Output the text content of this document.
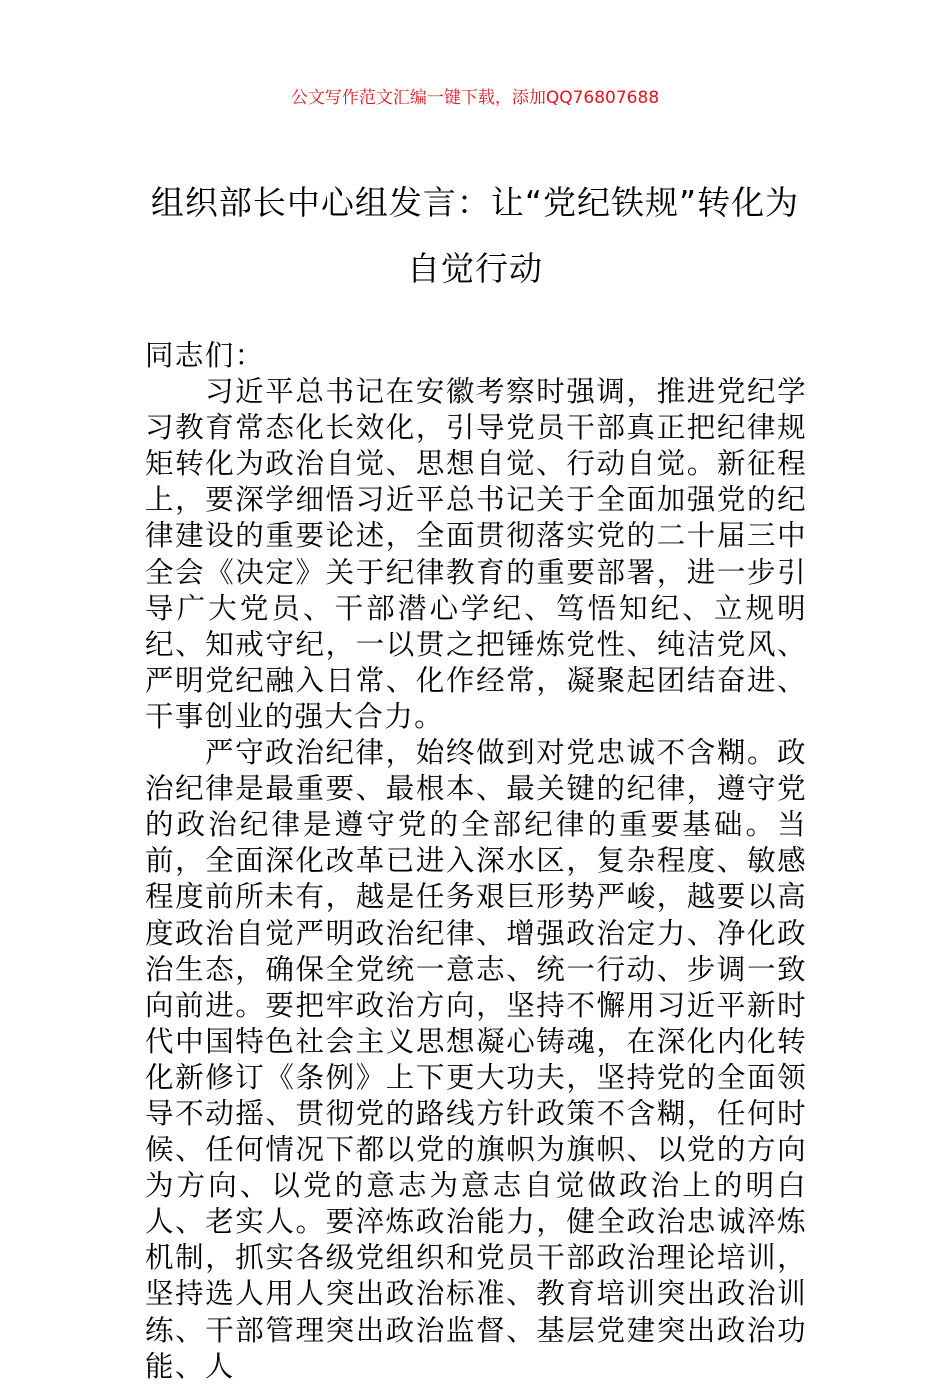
公文写作范文汇编一键下载，添加QQ76807688
组织部长中心组发言：让“党纪铁规”转化为自觉行动

同志们：

习近平总书记在安徽考察时强调，推进党纪学习教育常态化长效化，引导党员干部真正把纪律规矩转化为政治自觉、思想自觉、行动自觉。新征程上，要深学细悟习近平总书记关于全面加强党的纪律建设的重要论述，全面贯彻落实党的二十届三中全会《决定》关于纪律教育的重要部署，进一步引导广大党员、干部潜心学纪、笃悟知纪、立规明纪、知戒守纪，一以贯之把锤炼党性、纯洁党风、严明党纪融入日常、化作经常，凝聚起团结奋进、干事创业的强大合力。

严守政治纪律，始终做到对党忠诚不含糊。政治纪律是最重要、最根本、最关键的纪律，遵守党的政治纪律是遵守党的全部纪律的重要基础。当前，全面深化改革已进入深水区，复杂程度、敏感程度前所未有，越是任务艰巨形势严峻，越要以高度政治自觉严明政治纪律、增强政治定力、净化政治生态，确保全党统一意志、统一行动、步调一致向前进。要把牢政治方向，坚持不懈用习近平新时代中国特色社会主义思想凝心铸魂，在深化内化转化新修订《条例》上下更大功夫，坚持党的全面领导不动摇、贯彻党的路线方针政策不含糊，任何时候、任何情况下都以党的旗帜为旗帜、以党的方向为方向、以党的意志为意志自觉做政治上的明白人、老实人。要淬炼政治能力，健全政治忠诚淬炼机制，抓实各级党组织和党员干部政治理论培训，坚持选人用人突出政治标准、教育培训突出政治训练、干部管理突出政治监督、基层党建突出政治功能、人
